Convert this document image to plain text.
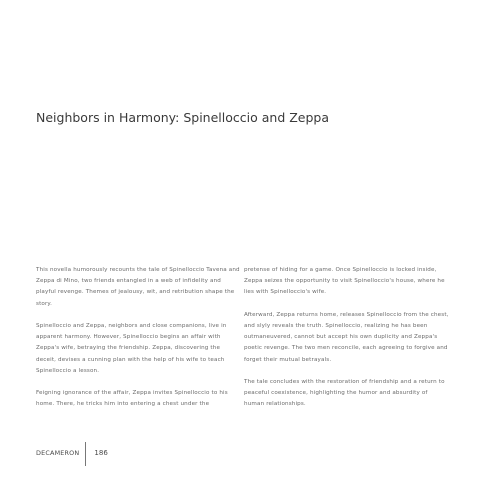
Neighbors in Harmony: Spinelloccio and Zeppa

This novella humorously recounts the tale of Spinelloccio Tavena and Zeppa di Mino, two friends entangled in a web of infidelity and playful revenge. Themes of jealousy, wit, and retribution shape the story.

Spinelloccio and Zeppa, neighbors and close companions, live in apparent harmony. However, Spinelloccio begins an affair with Zeppa's wife, betraying the friendship. Zeppa, discovering the deceit, devises a cunning plan with the help of his wife to teach Spinelloccio a lesson.

Feigning ignorance of the affair, Zeppa invites Spinelloccio to his home. There, he tricks him into entering a chest under the

pretense of hiding for a game. Once Spinelloccio is locked inside, Zeppa seizes the opportunity to visit Spinelloccio's house, where he lies with Spinelloccio's wife.

Afterward, Zeppa returns home, releases Spinelloccio from the chest, and slyly reveals the truth. Spinelloccio, realizing he has been outmaneuvered, cannot but accept his own duplicity and Zeppa's poetic revenge. The two men reconcile, each agreeing to forgive and forget their mutual betrayals.

The tale concludes with the restoration of friendship and a return to peaceful coexistence, highlighting the humor and absurdity of human relationships.

DECAMERON 186
